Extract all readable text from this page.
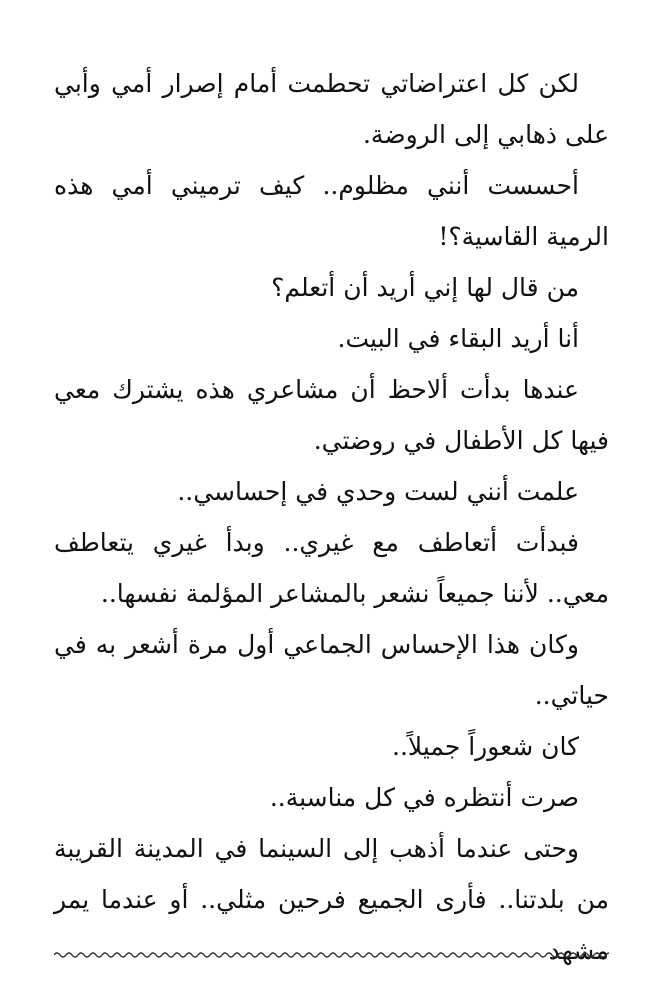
لكن كل اعتراضاتي تحطمت أمام إصرار أمي وأبي على ذهابي إلى الروضة.

أحسست أنني مظلوم.. كيف ترميني أمي هذه الرمية القاسية؟!

من قال لها إني أريد أن أتعلم؟

أنا أريد البقاء في البيت.

عندها بدأت ألاحظ أن مشاعري هذه يشترك معي فيها كل الأطفال في روضتي.

علمت أنني لست وحدي في إحساسي..

فبدأت أتعاطف مع غيري.. وبدأ غيري يتعاطف معي.. لأننا جميعاً نشعر بالمشاعر المؤلمة نفسها..

وكان هذا الإحساس الجماعي أول مرة أشعر به في حياتي..

كان شعوراً جميلاً..

صرت أنتظره في كل مناسبة..

وحتى عندما أذهب إلى السينما في المدينة القريبة من بلدتنا.. فأرى الجميع فرحين مثلي.. أو عندما يمر مشهد
